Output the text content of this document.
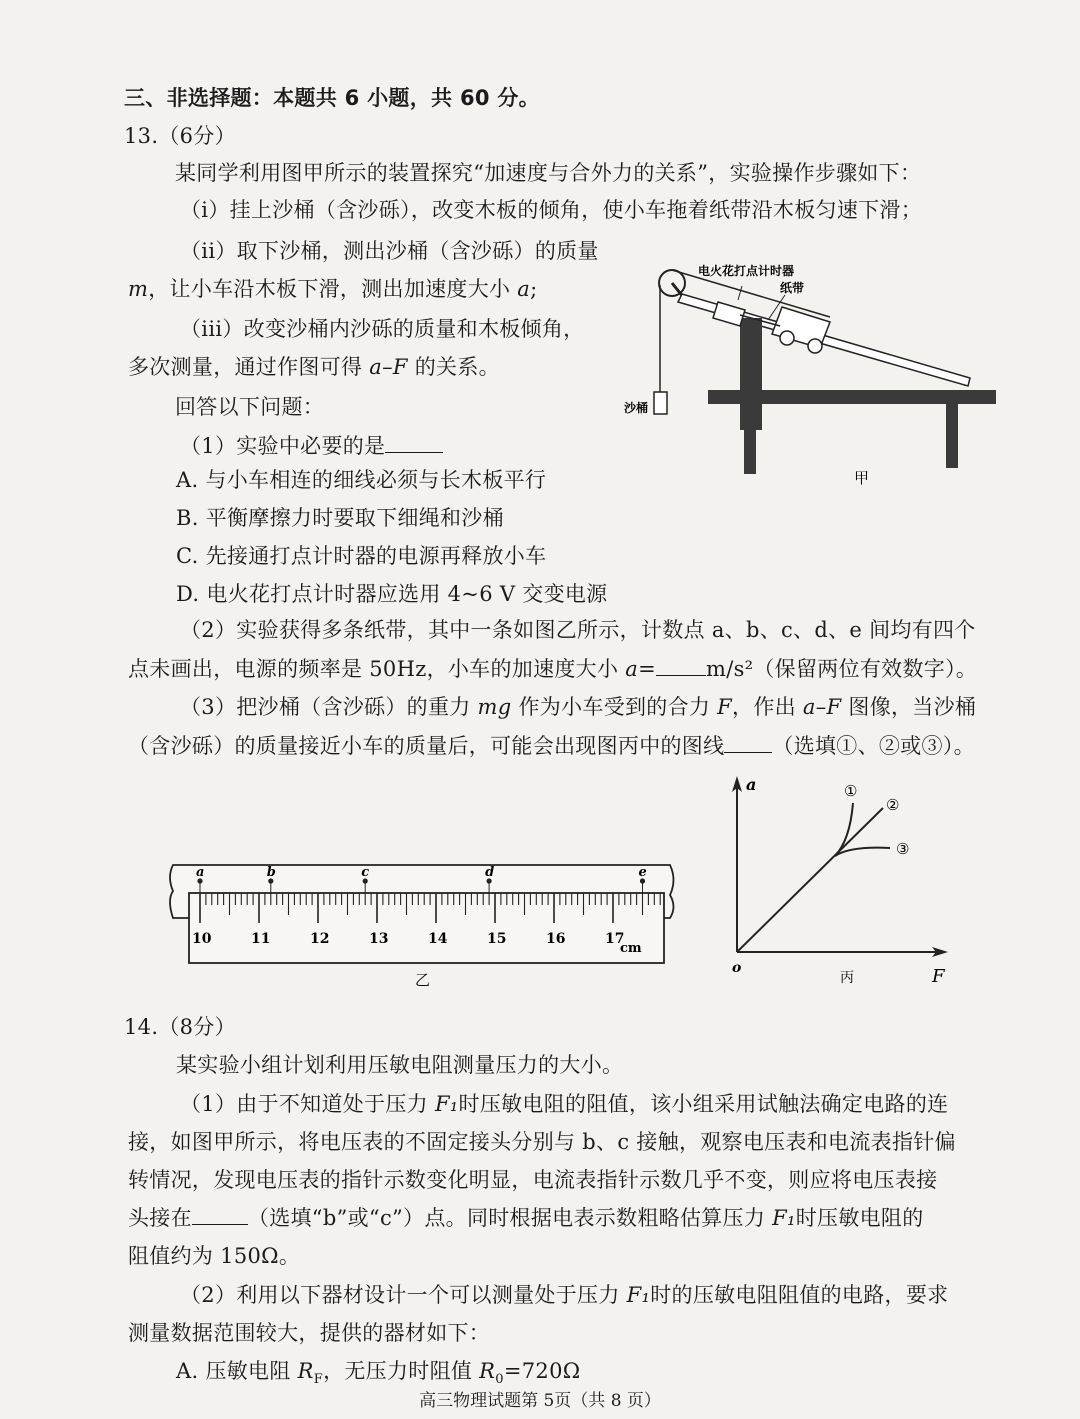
三、非选择题：本题共 6 小题，共 60 分。
13.（6分）
某同学利用图甲所示的装置探究“加速度与合外力的关系”，实验操作步骤如下：
（i）挂上沙桶（含沙砾），改变木板的倾角，使小车拖着纸带沿木板匀速下滑；
（ii）取下沙桶，测出沙桶（含沙砾）的质量
m，让小车沿木板下滑，测出加速度大小 a;
（iii）改变沙桶内沙砾的质量和木板倾角，
多次测量，通过作图可得 a–F 的关系。
回答以下问题：
（1）实验中必要的是
A. 与小车相连的细线必须与长木板平行
B. 平衡摩擦力时要取下细绳和沙桶
C. 先接通打点计时器的电源再释放小车
D. 电火花打点计时器应选用 4~6 V 交变电源
沙桶
电火花打点计时器
纸带
甲
（2）实验获得多条纸带，其中一条如图乙所示，计数点 a、b、c、d、e 间均有四个
点未画出，电源的频率是 50Hz，小车的加速度大小 a= m/s²（保留两位有效数字）。
（3）把沙桶（含沙砾）的重力 mg 作为小车受到的合力 F，作出 a–F 图像，当沙桶
（含沙砾）的质量接近小车的质量后，可能会出现图丙中的图线 （选填①、②或③）。
10	11	12	13	14	15	16	17
a	b	c	d	e
cm
乙
a
o	F
丙
①
②
③
14.（8分）
某实验小组计划利用压敏电阻测量压力的大小。
（1）由于不知道处于压力 F₁时压敏电阻的阻值，该小组采用试触法确定电路的连
接，如图甲所示，将电压表的不固定接头分别与 b、c 接触，观察电压表和电流表指针偏
转情况，发现电压表的指针示数变化明显，电流表指针示数几乎不变，则应将电压表接
头接在	（选填“b”或“c”）点。同时根据电表示数粗略估算压力 F₁时压敏电阻的
阻值约为 150Ω。
（2）利用以下器材设计一个可以测量处于压力 F₁时的压敏电阻阻值的电路，要求
测量数据范围较大，提供的器材如下：
A. 压敏电阻 $R_F$，无压力时阻值 $R_0=720\Omega$
高三物理试题第 5页（共 8 页）
